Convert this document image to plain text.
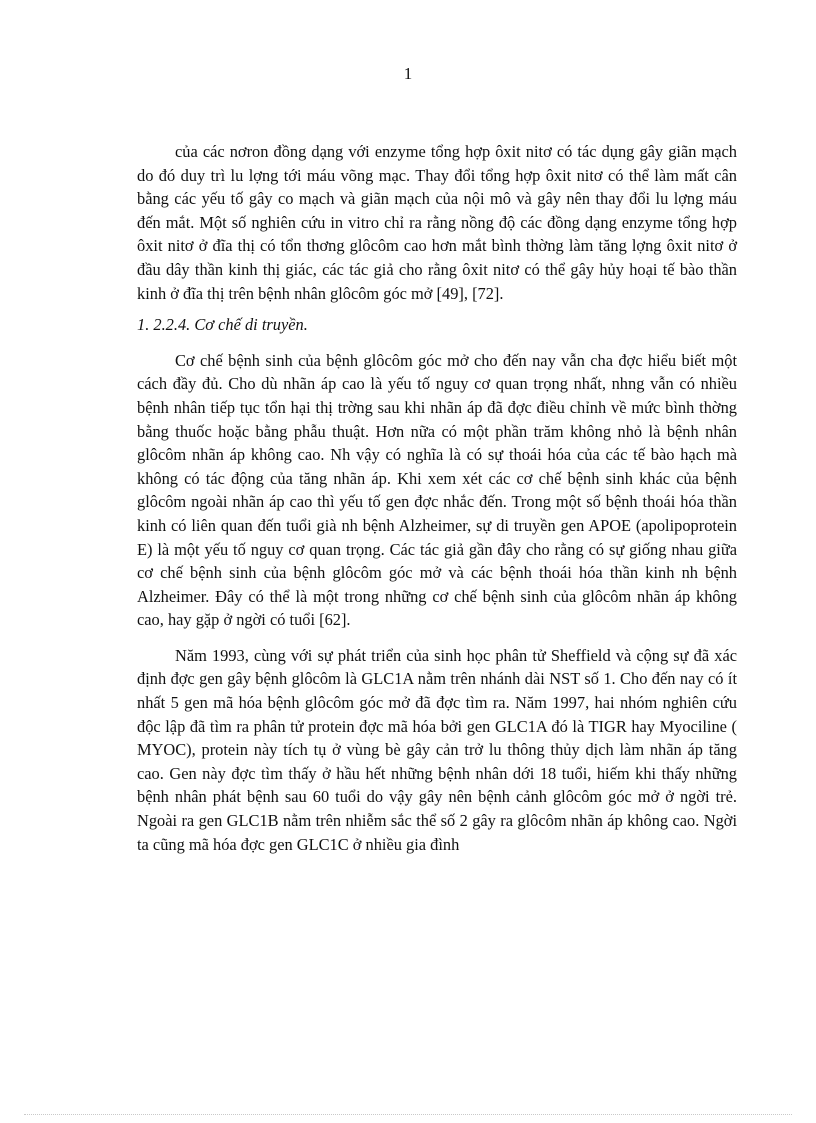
1

của các nơron đồng dạng với enzyme tổng hợp ôxit nitơ có tác dụng gây giãn mạch do đó duy trì lu lợng tới máu võng mạc. Thay đổi tổng hợp ôxit nitơ có thể làm mất cân bằng các yếu tố gây co mạch và giãn mạch của nội mô và gây nên thay đổi lu lợng máu đến mắt. Một số nghiên cứu in vitro chỉ ra rằng nồng độ các đồng dạng enzyme tổng hợp ôxit nitơ ở đĩa thị có tổn thơng glôcôm cao hơn mắt bình thờng làm tăng lợng ôxit nitơ ở đầu dây thần kinh thị giác, các tác giả cho rằng ôxit nitơ có thể gây hủy hoại tế bào thần kinh ở đĩa thị trên bệnh nhân glôcôm góc mở [49], [72].

1. 2.2.4. Cơ chế di truyền.

Cơ chế bệnh sinh của bệnh glôcôm góc mở cho đến nay vẫn cha đợc hiểu biết một cách đầy đủ. Cho dù nhãn áp cao là yếu tố nguy cơ quan trọng nhất, nhng vẫn có nhiều bệnh nhân tiếp tục tổn hại thị trờng sau khi nhãn áp đã đợc điều chỉnh về mức bình thờng bằng thuốc hoặc bằng phẫu thuật. Hơn nữa có một phần trăm không nhỏ là bệnh nhân glôcôm nhãn áp không cao. Nh vậy có nghĩa là có sự thoái hóa của các tế bào hạch mà không có tác động của tăng nhãn áp. Khi xem xét các cơ chế bệnh sinh khác của bệnh glôcôm ngoài nhãn áp cao thì yếu tố gen đợc nhắc đến. Trong một số bệnh thoái hóa thần kinh có liên quan đến tuổi già nh bệnh Alzheimer, sự di truyền gen APOE (apolipoprotein E) là một yếu tố nguy cơ quan trọng. Các tác giả gần đây cho rằng có sự giống nhau giữa cơ chế bệnh sinh của bệnh glôcôm góc mở và các bệnh thoái hóa thần kinh nh bệnh Alzheimer. Đây có thể là một trong những cơ chế bệnh sinh của glôcôm nhãn áp không cao, hay gặp ở ngời có tuổi [62].

Năm 1993, cùng với sự phát triển của sinh học phân tử Sheffield và cộng sự đã xác định đợc gen gây bệnh glôcôm là GLC1A nằm trên nhánh dài NST số 1. Cho đến nay có ít nhất 5 gen mã hóa bệnh glôcôm góc mở đã đợc tìm ra. Năm 1997, hai nhóm nghiên cứu độc lập đã tìm ra phân tử protein đợc mã hóa bởi gen GLC1A đó là TIGR hay Myociline ( MYOC), protein này tích tụ ở vùng bè gây cản trở lu thông thủy dịch làm nhãn áp tăng cao. Gen này đợc tìm thấy ở hầu hết những bệnh nhân dới 18 tuổi, hiếm khi thấy những bệnh nhân phát bệnh sau 60 tuổi do vậy gây nên bệnh cảnh glôcôm góc mở ở ngời trẻ. Ngoài ra gen GLC1B nằm trên nhiễm sắc thể số 2 gây ra glôcôm nhãn áp không cao. Ngời ta cũng mã hóa đợc gen GLC1C ở nhiều gia đình
